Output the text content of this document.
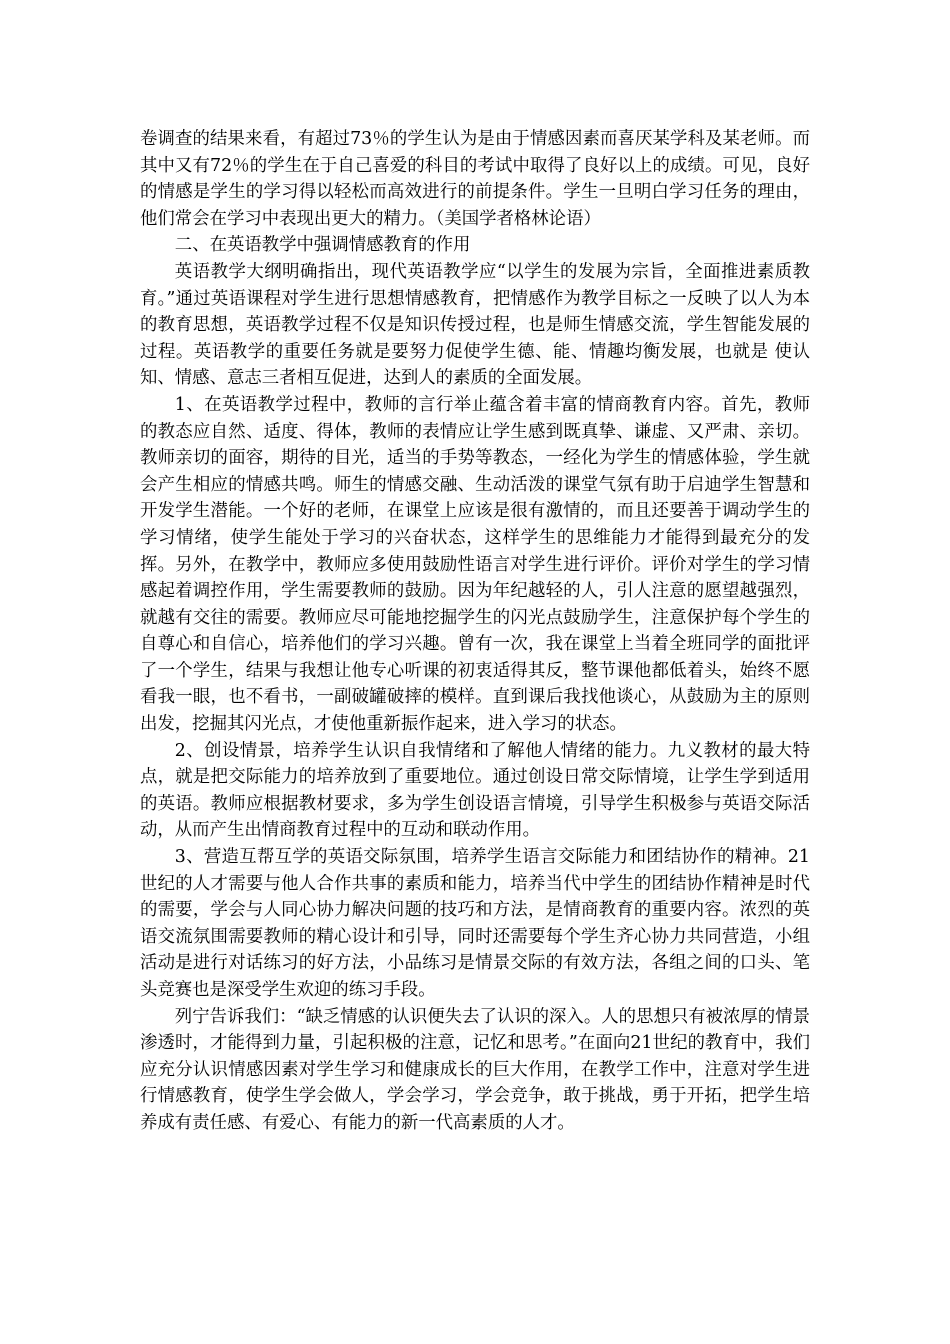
卷调查的结果来看，有超过73％的学生认为是由于情感因素而喜厌某学科及某老师。而其中又有72％的学生在于自己喜爱的科目的考试中取得了良好以上的成绩。可见，良好的情感是学生的学习得以轻松而高效进行的前提条件。学生一旦明白学习任务的理由，他们常会在学习中表现出更大的精力。（美国学者格林论语）

二、在英语教学中强调情感教育的作用

英语教学大纲明确指出，现代英语教学应“以学生的发展为宗旨，全面推进素质教育。”通过英语课程对学生进行思想情感教育，把情感作为教学目标之一反映了以人为本的教育思想，英语教学过程不仅是知识传授过程，也是师生情感交流，学生智能发展的过程。英语教学的重要任务就是要努力促使学生德、能、情趣均衡发展，也就是 使认知、情感、意志三者相互促进，达到人的素质的全面发展。

1、在英语教学过程中，教师的言行举止蕴含着丰富的情商教育内容。首先，教师的教态应自然、适度、得体，教师的表情应让学生感到既真挚、谦虚、又严肃、亲切。教师亲切的面容，期待的目光，适当的手势等教态，一经化为学生的情感体验，学生就会产生相应的情感共鸣。师生的情感交融、生动活泼的课堂气氛有助于启迪学生智慧和开发学生潜能。一个好的老师，在课堂上应该是很有激情的，而且还要善于调动学生的学习情绪，使学生能处于学习的兴奋状态，这样学生的思维能力才能得到最充分的发挥。另外，在教学中，教师应多使用鼓励性语言对学生进行评价。评价对学生的学习情感起着调控作用，学生需要教师的鼓励。因为年纪越轻的人，引人注意的愿望越强烈，就越有交往的需要。教师应尽可能地挖掘学生的闪光点鼓励学生，注意保护每个学生的自尊心和自信心，培养他们的学习兴趣。曾有一次，我在课堂上当着全班同学的面批评了一个学生，结果与我想让他专心听课的初衷适得其反，整节课他都低着头，始终不愿看我一眼，也不看书，一副破罐破摔的模样。直到课后我找他谈心，从鼓励为主的原则出发，挖掘其闪光点，才使他重新振作起来，进入学习的状态。

2、创设情景，培养学生认识自我情绪和了解他人情绪的能力。九义教材的最大特点，就是把交际能力的培养放到了重要地位。通过创设日常交际情境，让学生学到适用的英语。教师应根据教材要求，多为学生创设语言情境，引导学生积极参与英语交际活动，从而产生出情商教育过程中的互动和联动作用。

3、营造互帮互学的英语交际氛围，培养学生语言交际能力和团结协作的精神。21世纪的人才需要与他人合作共事的素质和能力，培养当代中学生的团结协作精神是时代的需要，学会与人同心协力解决问题的技巧和方法，是情商教育的重要内容。浓烈的英语交流氛围需要教师的精心设计和引导，同时还需要每个学生齐心协力共同营造，小组活动是进行对话练习的好方法，小品练习是情景交际的有效方法，各组之间的口头、笔头竞赛也是深受学生欢迎的练习手段。

列宁告诉我们：“缺乏情感的认识便失去了认识的深入。人的思想只有被浓厚的情景渗透时，才能得到力量，引起积极的注意，记忆和思考。”在面向21世纪的教育中，我们应充分认识情感因素对学生学习和健康成长的巨大作用，在教学工作中，注意对学生进行情感教育，使学生学会做人，学会学习，学会竞争，敢于挑战，勇于开拓，把学生培养成有责任感、有爱心、有能力的新一代高素质的人才。
